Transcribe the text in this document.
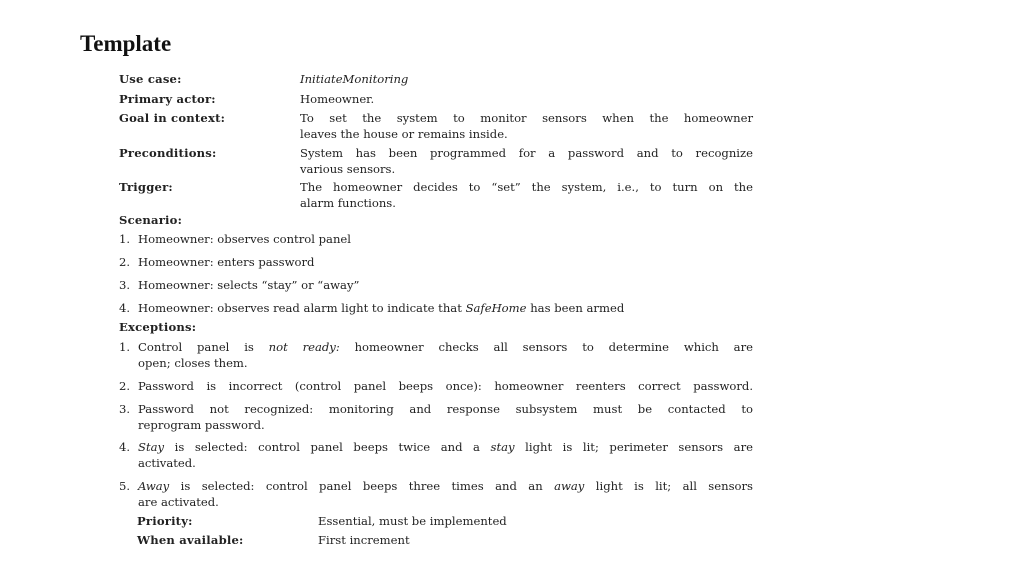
Template
Use case:	InitiateMonitoring
Primary actor:	Homeowner.
Goal in context:	To set the system to monitor sensors when the homeowner
leaves the house or remains inside.
Preconditions:	System has been programmed for a password and to recognize
various sensors.
Trigger:	The homeowner decides to “set” the system, i.e., to turn on the
alarm functions.
Scenario:
1. Homeowner: observes control panel
2. Homeowner: enters password
3. Homeowner: selects “stay” or “away”
4. Homeowner: observes read alarm light to indicate that SafeHome has been armed
Exceptions:
1. Control panel is not ready: homeowner checks all sensors to determine which are
open; closes them.
2. Password is incorrect (control panel beeps once): homeowner reenters correct password.
3. Password not recognized: monitoring and response subsystem must be contacted to
reprogram password.
4. Stay is selected: control panel beeps twice and a stay light is lit; perimeter sensors are
activated.
5. Away is selected: control panel beeps three times and an away light is lit; all sensors
are activated.
Priority:	Essential, must be implemented
When available:	First increment
